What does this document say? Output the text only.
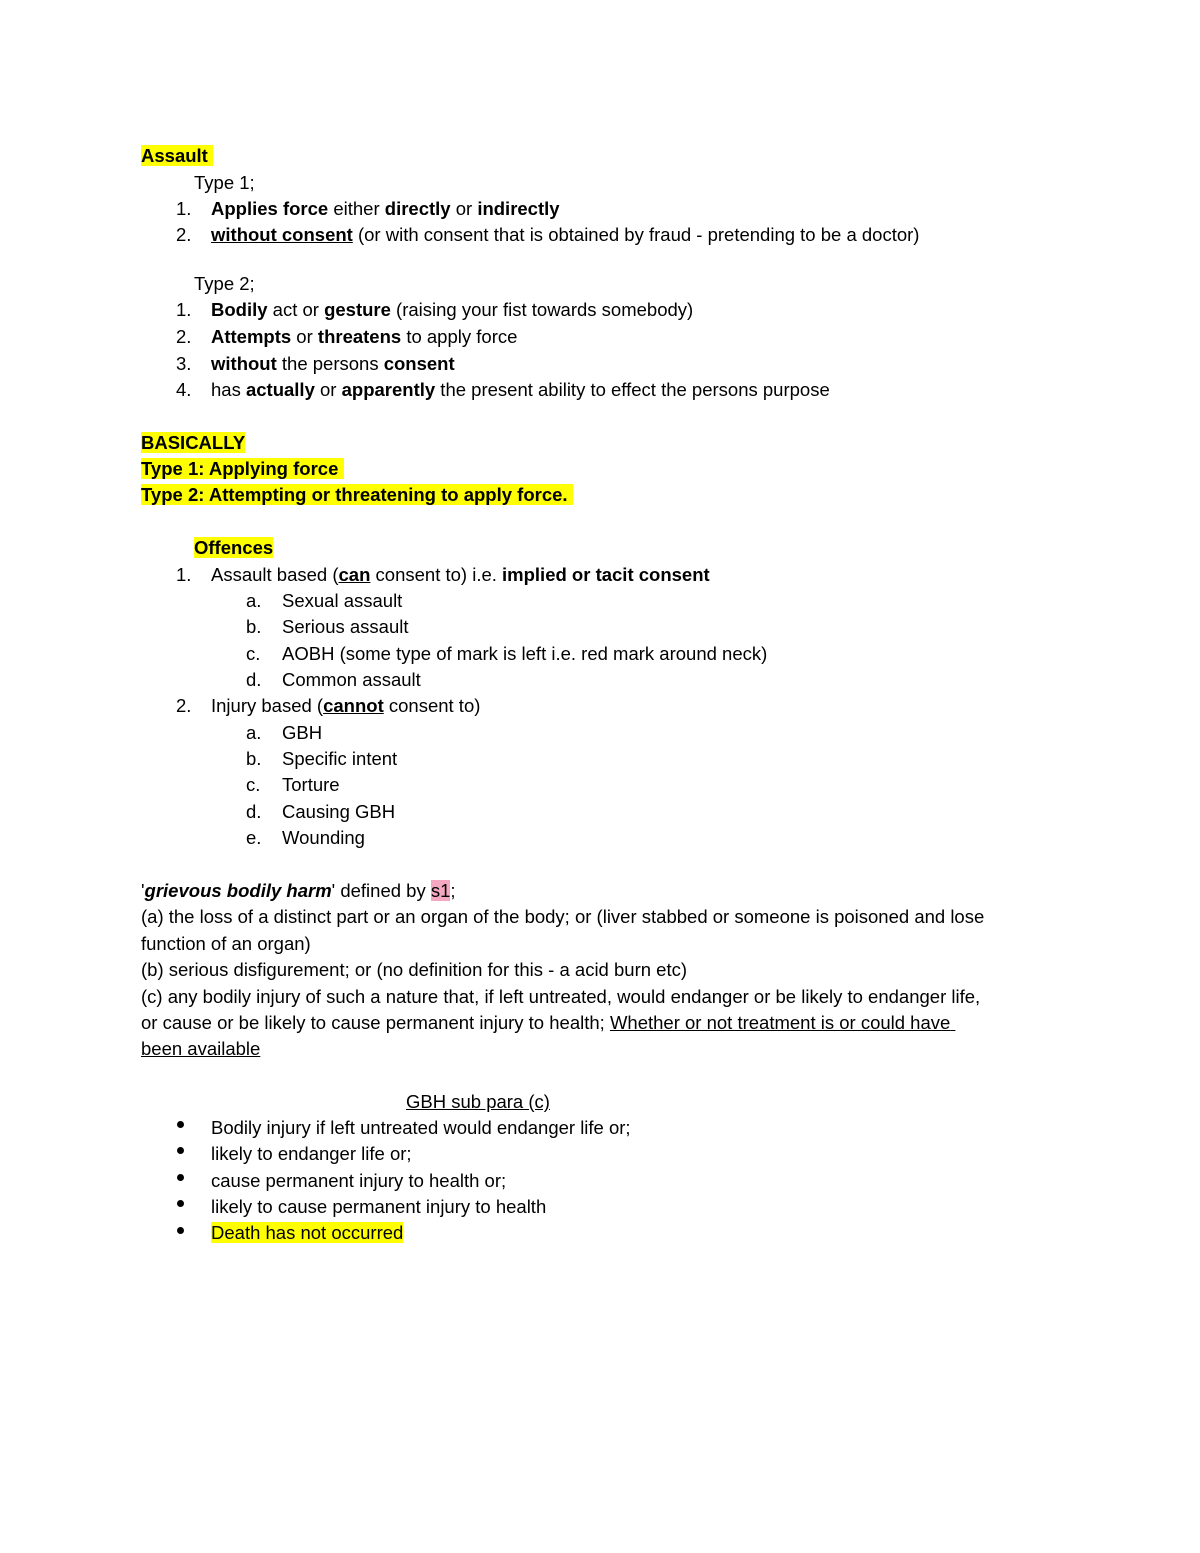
Assault
Type 1;
1. Applies force either directly or indirectly
2. without consent (or with consent that is obtained by fraud - pretending to be a doctor)
Type 2;
1. Bodily act or gesture (raising your fist towards somebody)
2. Attempts or threatens to apply force
3. without the persons consent
4. has actually or apparently the present ability to effect the persons purpose
BASICALLY
Type 1: Applying force
Type 2: Attempting or threatening to apply force.
Offences
1. Assault based (can consent to) i.e. implied or tacit consent
a. Sexual assault
b. Serious assault
c. AOBH (some type of mark is left i.e. red mark around neck)
d. Common assault
2. Injury based (cannot consent to)
a. GBH
b. Specific intent
c. Torture
d. Causing GBH
e. Wounding
'grievous bodily harm' defined by s1;
(a) the loss of a distinct part or an organ of the body; or (liver stabbed or someone is poisoned and lose
function of an organ)
(b) serious disfigurement; or (no definition for this - a acid burn etc)
(c) any bodily injury of such a nature that, if left untreated, would endanger or be likely to endanger life,
or cause or be likely to cause permanent injury to health; Whether or not treatment is or could have
been available
GBH sub para (c)
Bodily injury if left untreated would endanger life or;
likely to endanger life or;
cause permanent injury to health or;
likely to cause permanent injury to health
Death has not occurred
